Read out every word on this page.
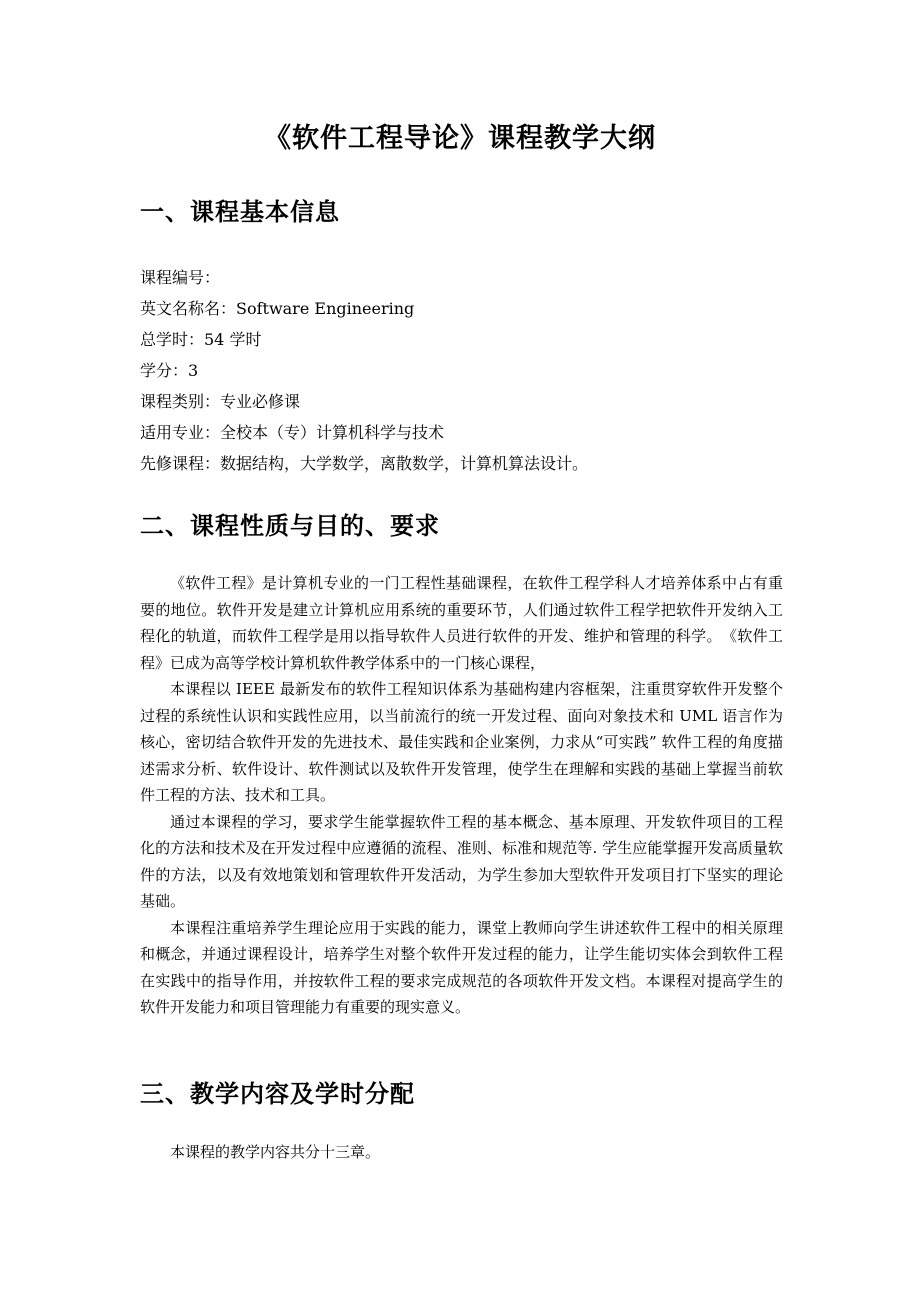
《软件工程导论》课程教学大纲
一、课程基本信息
课程编号：
英文名称名：Software Engineering
总学时：54 学时
学分：3
课程类别：专业必修课
适用专业：全校本（专）计算机科学与技术
先修课程：数据结构，大学数学，离散数学，计算机算法设计。
二、课程性质与目的、要求

《软件工程》是计算机专业的一门工程性基础课程，在软件工程学科人才培养体系中占有重要的地位。软件开发是建立计算机应用系统的重要环节，人们通过软件工程学把软件开发纳入工程化的轨道，而软件工程学是用以指导软件人员进行软件的开发、维护和管理的科学。　《软件工程》已成为高等学校计算机软件教学体系中的一门核心课程，

本课程以 IEEE 最新发布的软件工程知识体系为基础构建内容框架，注重贯穿软件开发整个过程的系统性认识和实践性应用，以当前流行的统一开发过程、面向对象技术和 UML 语言作为核心，密切结合软件开发的先进技术、最佳实践和企业案例，力求从“可实践” 软件工程的角度描述需求分析、软件设计、软件测试以及软件开发管理，使学生在理解和实践的基础上掌握当前软件工程的方法、技术和工具。

通过本课程的学习，要求学生能掌握软件工程的基本概念、基本原理、开发软件项目的工程化的方法和技术及在开发过程中应遵循的流程、准则、标准和规范等. 学生应能掌握开发高质量软件的方法，以及有效地策划和管理软件开发活动，为学生参加大型软件开发项目打下坚实的理论基础。

本课程注重培养学生理论应用于实践的能力，课堂上教师向学生讲述软件工程中的相关原理和概念，并通过课程设计，培养学生对整个软件开发过程的能力，让学生能切实体会到软件工程在实践中的指导作用，并按软件工程的要求完成规范的各项软件开发文档。本课程对提高学生的软件开发能力和项目管理能力有重要的现实意义。

三、教学内容及学时分配

本课程的教学内容共分十三章。
